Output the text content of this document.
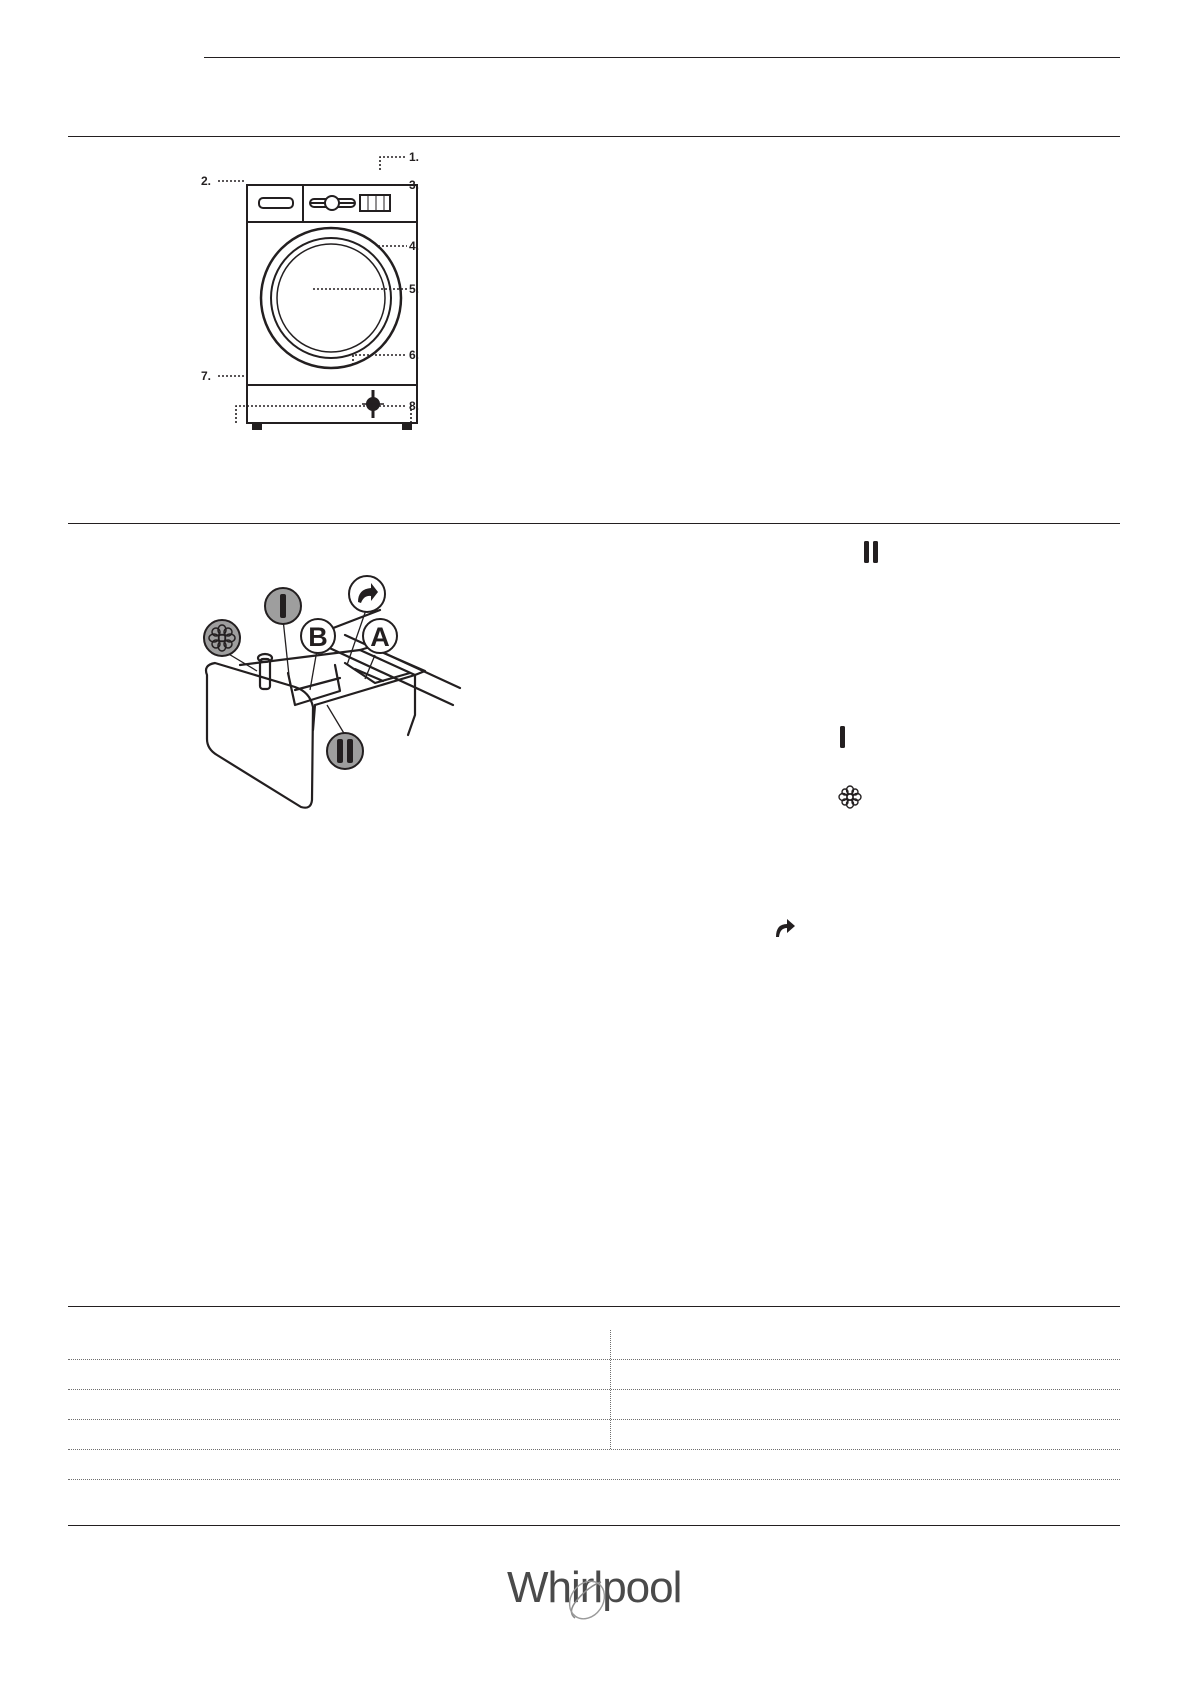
1.
2.	3.
4.
5.
6.
7.
8.
B A
Whirlpool
